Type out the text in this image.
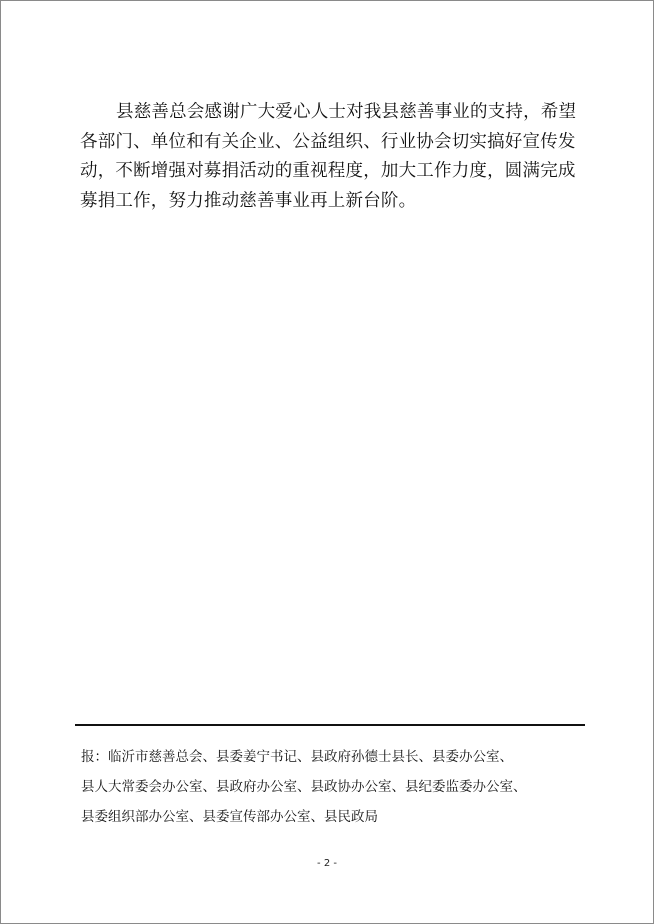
县慈善总会感谢广大爱心人士对我县慈善事业的支持，希望
各部门、单位和有关企业、公益组织、行业协会切实搞好宣传发
动，不断增强对募捐活动的重视程度，加大工作力度，圆满完成
募捐工作，努力推动慈善事业再上新台阶。

报：临沂市慈善总会、县委姜宁书记、县政府孙德士县长、县委办公室、
县人大常委会办公室、县政府办公室、县政协办公室、县纪委监委办公室、
县委组织部办公室、县委宣传部办公室、县民政局

- 2 -
